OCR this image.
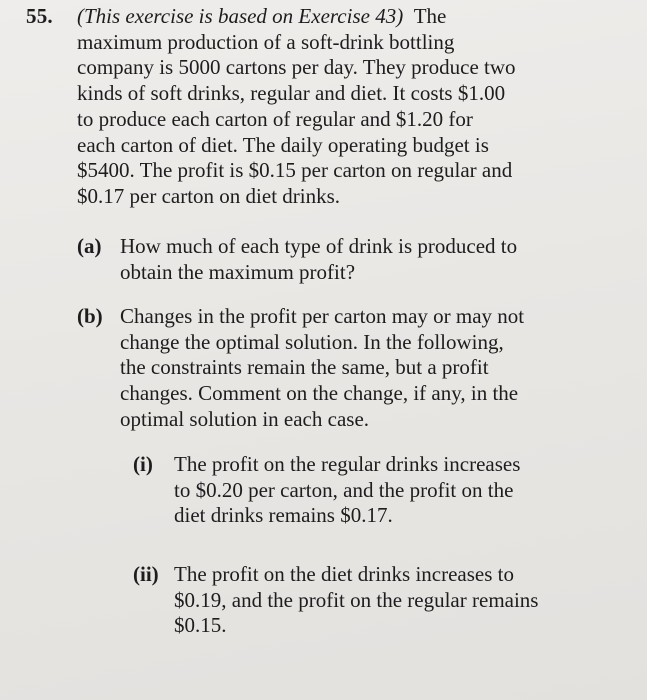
55. (This exercise is based on Exercise 43) The
maximum production of a soft-drink bottling
company is 5000 cartons per day. They produce two
kinds of soft drinks, regular and diet. It costs $1.00
to produce each carton of regular and $1.20 for
each carton of diet. The daily operating budget is
$5400. The profit is $0.15 per carton on regular and
$0.17 per carton on diet drinks.
(a) How much of each type of drink is produced to
obtain the maximum profit?
(b) Changes in the profit per carton may or may not
change the optimal solution. In the following,
the constraints remain the same, but a profit
changes. Comment on the change, if any, in the
optimal solution in each case.
(i) The profit on the regular drinks increases
to $0.20 per carton, and the profit on the
diet drinks remains $0.17.
(ii) The profit on the diet drinks increases to
$0.19, and the profit on the regular remains
$0.15.
